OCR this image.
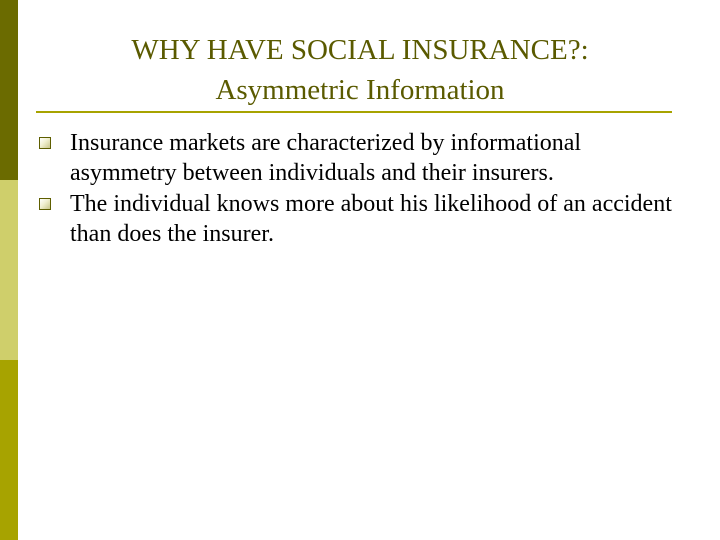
WHY HAVE SOCIAL INSURANCE?:
Asymmetric Information
Insurance markets are characterized by informational asymmetry between individuals and their insurers.
The individual knows more about his likelihood of an accident than does the insurer.
